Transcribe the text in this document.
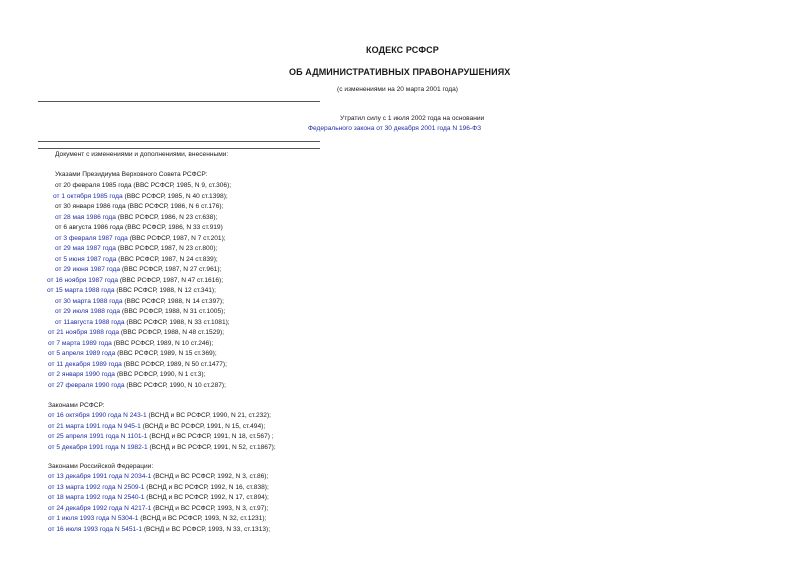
КОДЕКС РСФСР
ОБ АДМИНИСТРАТИВНЫХ ПРАВОНАРУШЕНИЯХ
(с изменениями на 20 марта 2001 года)
Утратил силу с 1 июля 2002 года на основании
Федерального закона от 30 декабря 2001 года N 196-ФЗ
Документ с изменениями и дополнениями, внесенными:
Указами Президиума Верховного Совета РСФСР:
от 20 февраля 1985 года (ВВС РСФСР, 1985, N 9, ст.306);
от 1 октября 1985 года (ВВС РСФСР, 1985, N 40 ст.1398);
от 30 января 1986 года (ВВС РСФСР, 1986, N 6 ст.176);
от 28 мая 1986 года (ВВС РСФСР, 1986, N 23 ст.638);
от 6 августа 1986 года (ВВС РСФСР, 1986, N 33 ст.919)
от 3 февраля 1987 года (ВВС РСФСР, 1987, N 7 ст.201);
от 29 мая 1987 года (ВВС РСФСР, 1987, N 23 ст.800);
от 5 июня 1987 года (ВВС РСФСР, 1987, N 24 ст.839);
от 29 июня 1987 года (ВВС РСФСР, 1987, N 27 ст.961);
от 16 ноября 1987 года (ВВС РСФСР, 1987, N 47 ст.1616);
от 15 марта 1988 года (ВВС РСФСР, 1988, N 12 ст.341);
от 30 марта 1988 года (ВВС РСФСР, 1988, N 14 ст.397);
от 29 июля 1988 года (ВВС РСФСР, 1988, N 31 ст.1005);
от 11августа 1988 года (ВВС РСФСР, 1988, N 33 ст.1081);
от 21 ноября 1988 года (ВВС РСФСР, 1988, N 48 ст.1529);
от 7 марта 1989 года (ВВС РСФСР, 1989, N 10 ст.246);
от 5 апреля 1989 года (ВВС РСФСР, 1989, N 15 ст.369);
от 11 декабря 1989 года (ВВС РСФСР, 1989, N 50 ст.1477);
от 2 января 1990 года (ВВС РСФСР, 1990, N 1 ст.3);
от 27 февраля 1990 года (ВВС РСФСР, 1990, N 10 ст.287);
Законами РСФСР:
от 16 октября 1990 года N 243-1 (ВСНД и ВС РСФСР, 1990, N 21, ст.232);
от 21 марта 1991 года N 945-1 (ВСНД и ВС РСФСР, 1991, N 15, ст.494);
от 25 апреля 1991 года N 1101-1 (ВСНД и ВС РСФСР, 1991, N 18, ст.567) ;
от 5 декабря 1991 года N 1982-1 (ВСНД и ВС РСФСР, 1991, N 52, ст.1867);
Законами Российской Федерации:
от 13 декабря 1991 года N 2034-1 (ВСНД и ВС РСФСР, 1992, N 3, ст.86);
от 13 марта 1992 года N 2509-1 (ВСНД и ВС РСФСР, 1992, N 16, ст.838);
от 18 марта 1992 года N 2540-1 (ВСНД и ВС РСФСР, 1992, N 17, ст.894);
от 24 декабря 1992 года N 4217-1 (ВСНД и ВС РСФСР, 1993, N 3, ст.97);
от 1 июля 1993 года N 5304-1 (ВСНД и ВС РСФСР, 1993, N 32, ст.1231);
от 16 июля 1993 года N 5451-1 (ВСНД и ВС РСФСР, 1993, N 33, ст.1313);
